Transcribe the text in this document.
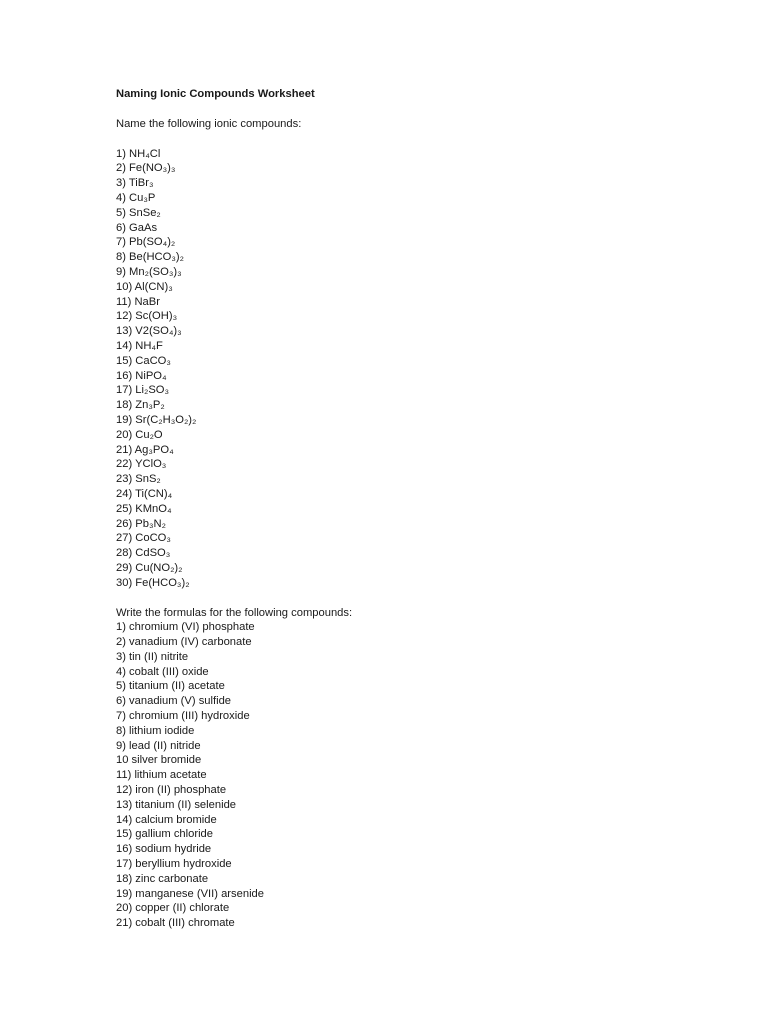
Naming Ionic Compounds Worksheet
Name the following ionic compounds:
1) NH₄Cl
2) Fe(NO₃)₃
3) TiBr₃
4) Cu₃P
5) SnSe₂
6) GaAs
7) Pb(SO₄)₂
8) Be(HCO₃)₂
9) Mn₂(SO₃)₃
10) Al(CN)₃
11) NaBr
12) Sc(OH)₃
13) V2(SO₄)₃
14) NH₄F
15) CaCO₃
16) NiPO₄
17) Li₂SO₃
18) Zn₃P₂
19) Sr(C₂H₃O₂)₂
20) Cu₂O
21) Ag₃PO₄
22) YClO₃
23) SnS₂
24) Ti(CN)₄
25) KMnO₄
26) Pb₃N₂
27) CoCO₃
28) CdSO₃
29) Cu(NO₂)₂
30) Fe(HCO₃)₂
Write the formulas for the following compounds:
1) chromium (VI) phosphate
2) vanadium (IV) carbonate
3) tin (II) nitrite
4) cobalt (III) oxide
5) titanium (II) acetate
6) vanadium (V) sulfide
7) chromium (III) hydroxide
8) lithium iodide
9) lead (II) nitride
10 silver bromide
11) lithium acetate
12) iron (II) phosphate
13) titanium (II) selenide
14) calcium bromide
15) gallium chloride
16) sodium hydride
17) beryllium hydroxide
18) zinc carbonate
19) manganese (VII) arsenide
20) copper (II) chlorate
21) cobalt (III) chromate
